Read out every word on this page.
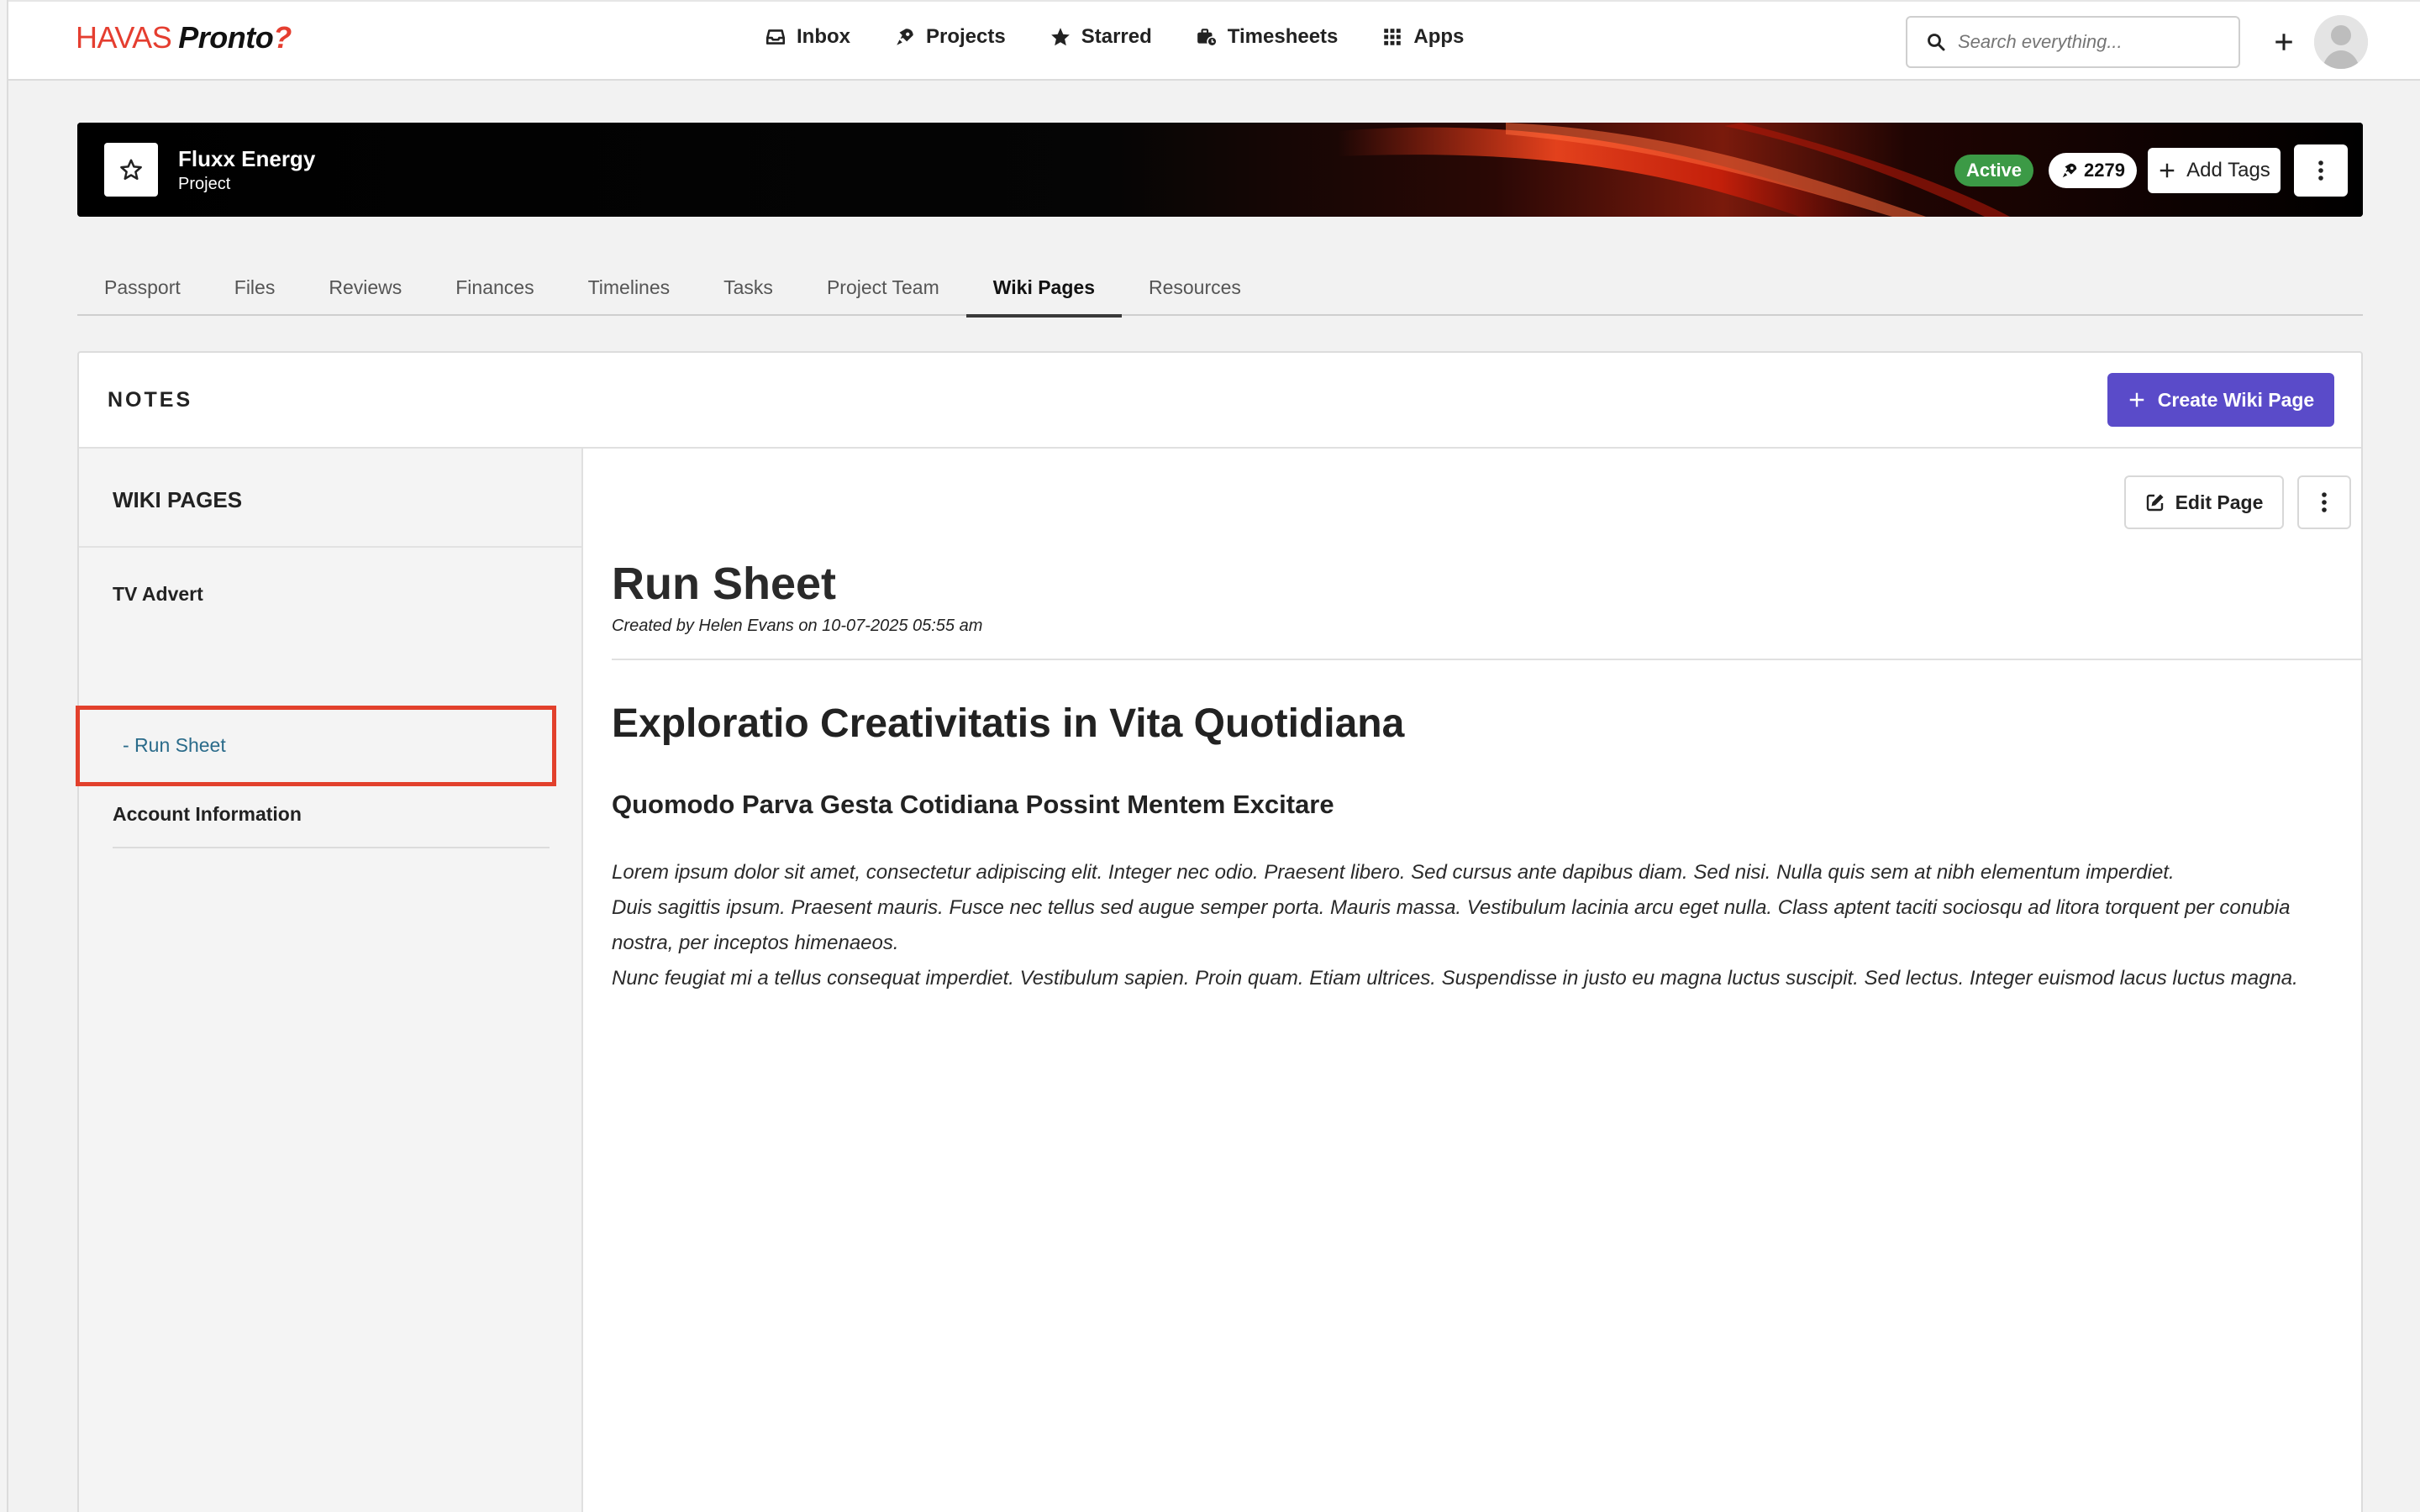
HAVAS Pronto ?	Inbox	Projects	Starred	Timesheets	Apps
Search everything...
Fluxx Energy
Project
Active	2279	Add Tags
Passport	Files	Reviews	Finances	Timelines	Tasks	Project Team	Wiki Pages	Resources
NOTES	Create Wiki Page
WIKI PAGES
TV Advert
- Run Sheet
Account Information
Edit Page
Run Sheet
Created by Helen Evans on 10-07-2025 05:55 am
Exploratio Creativitatis in Vita Quotidiana
Quomodo Parva Gesta Cotidiana Possint Mentem Excitare

Lorem ipsum dolor sit amet, consectetur adipiscing elit. Integer nec odio. Praesent libero. Sed cursus ante dapibus diam. Sed nisi. Nulla quis sem at nibh elementum imperdiet.

Duis sagittis ipsum. Praesent mauris. Fusce nec tellus sed augue semper porta. Mauris massa. Vestibulum lacinia arcu eget nulla. Class aptent taciti sociosqu ad litora torquent per conubia nostra, per inceptos himenaeos.

Nunc feugiat mi a tellus consequat imperdiet. Vestibulum sapien. Proin quam. Etiam ultrices. Suspendisse in justo eu magna luctus suscipit. Sed lectus. Integer euismod lacus luctus magna.
